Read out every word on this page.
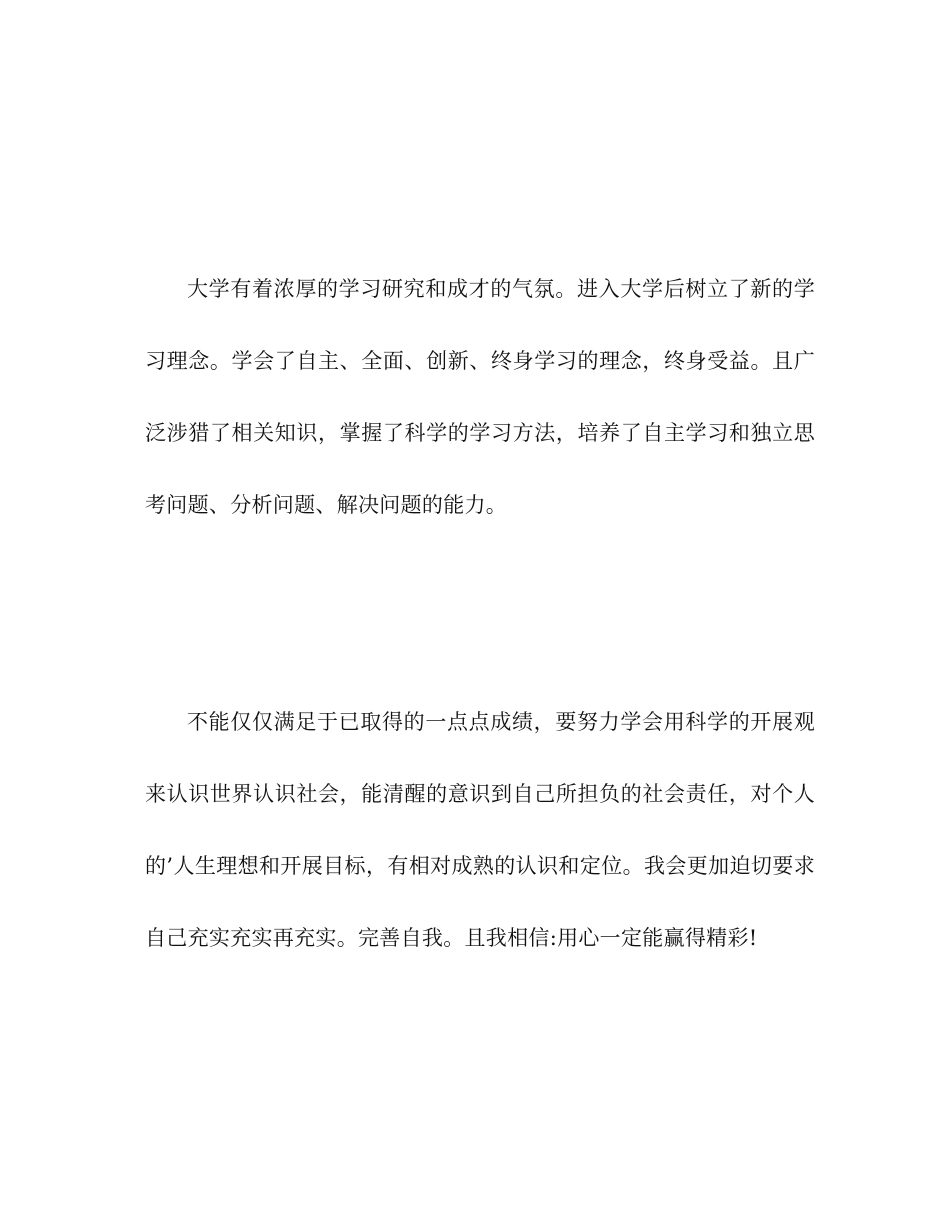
大学有着浓厚的学习研究和成才的气氛。进入大学后树立了新的学习理念。学会了自主、全面、创新、终身学习的理念，终身受益。且广泛涉猎了相关知识，掌握了科学的学习方法，培养了自主学习和独立思考问题、分析问题、解决问题的能力。

不能仅仅满足于已取得的一点点成绩，要努力学会用科学的开展观来认识世界认识社会，能清醒的意识到自己所担负的社会责任，对个人的’人生理想和开展目标，有相对成熟的认识和定位。我会更加迫切要求自己充实充实再充实。完善自我。且我相信:用心一定能赢得精彩!
